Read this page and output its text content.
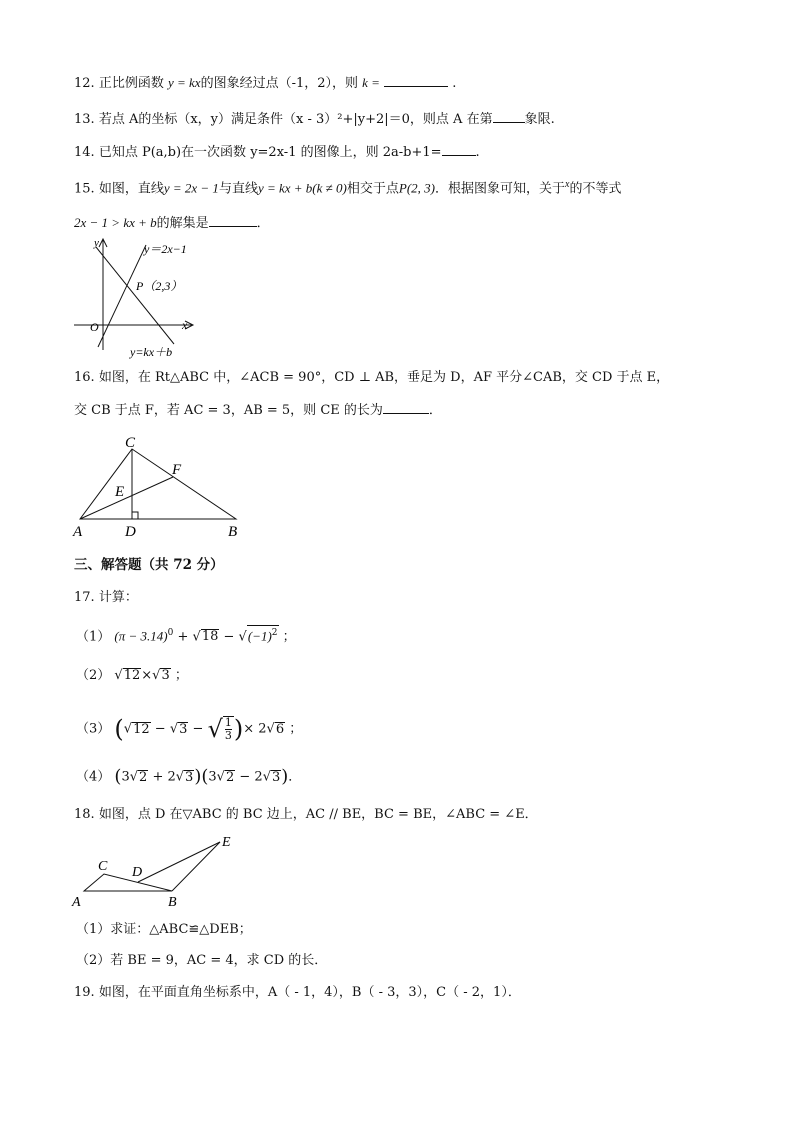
12. 正比例函数 y = kx的图象经过点（-1，2），则 k =	.
13. 若点 A的坐标（x，y）满足条件（x - 3）²+|y+2|＝0，则点 A 在第 象限.
14. 已知点 P(a,b)在一次函数 y=2x-1 的图像上，则 2a-b+1=	.
15. 如图，直线y = 2x − 1与直线y = kx + b(k ≠ 0)相交于点P(2, 3)．根据图象可知，关于$^x$的不等式
2x − 1 > kx + b的解集是	．
y
x
O
y＝2x−1
P（2,3）
y=kx＋b
16. 如图，在 Rt△ABC 中，∠ACB = 90°，CD ⊥ AB，垂足为 D，AF 平分∠CAB，交 CD 于点 E，
交 CB 于点 F，若 AC = 3，AB = 5，则 CE 的长为	．
C
F
E
A	D	B
三、解答题（共 72 分）
17. 计算：
（1） $(\pi - 3.14)^0 + √18 - √(-1)^2$ ；
（2） √12×√3 ；
（3） (√12 − √3 − √ $\frac{1}{3}$ )× 2√6 ；
（4） (3√2 + 2√3)(3√2 − 2√3)．
18. 如图，点 D 在▽ABC 的 BC 边上，AC // BE，BC = BE，∠ABC = ∠E．
C D
E
A	B
（1）求证：△ABC≌△DEB；
（2）若 BE = 9，AC = 4，求 CD 的长．
19. 如图，在平面直角坐标系中，A（ - 1，4），B（ - 3，3），C（ - 2，1）．
